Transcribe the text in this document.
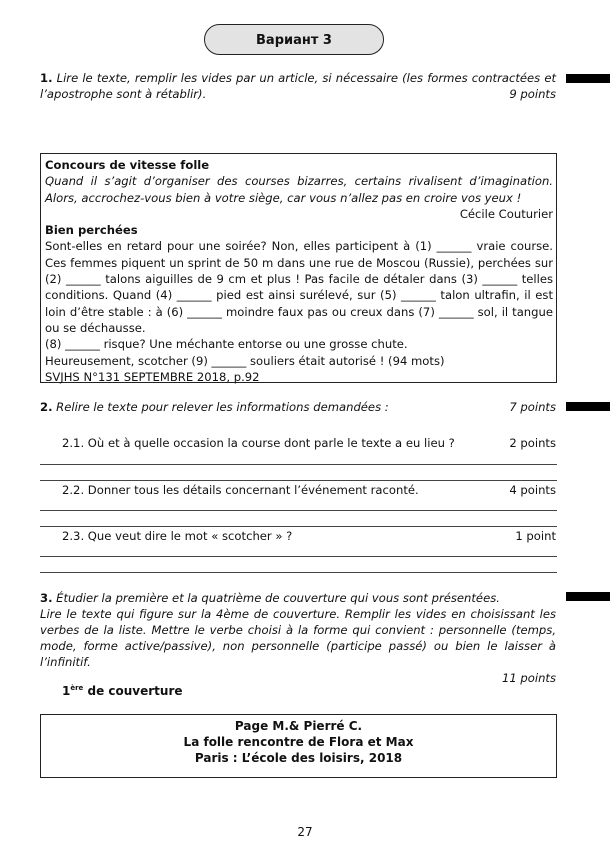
Вариант 3
1. Lire le texte, remplir les vides par un article, si nécessaire (les formes contractées et l’apostrophe sont à rétablir).	9 points
Concours de vitesse folle
Quand il s’agit d’organiser des courses bizarres, certains rivalisent d’imagination. Alors, accrochez-vous bien à votre siège, car vous n’allez pas en croire vos yeux !
Cécile Couturier
Bien perchées
Sont-elles en retard pour une soirée? Non, elles participent à (1) ______ vraie course. Ces femmes piquent un sprint de 50 m dans une rue de Moscou (Russie), perchées sur (2) ______ talons aiguilles de 9 cm et plus ! Pas facile de détaler dans (3) ______ telles conditions. Quand (4) ______ pied est ainsi surélevé, sur (5) ______ talon ultrafin, il est loin d’être stable : à (6) ______ moindre faux pas ou creux dans (7) ______ sol, il tangue ou se déchausse.
(8) ______ risque? Une méchante entorse ou une grosse chute.
Heureusement, scotcher (9) ______ souliers était autorisé ! (94 mots)
SVJHS N°131 SEPTEMBRE 2018, p.92
2. Relire le texte pour relever les informations demandées :	7 points
2.1. Où et à quelle occasion la course dont parle le texte a eu lieu ?	2 points
2.2. Donner tous les détails concernant l’événement raconté.	4 points
2.3. Que veut dire le mot « scotcher » ?	1 point
3. Étudier la première et la quatrième de couverture qui vous sont présentées.
Lire le texte qui figure sur la 4ème de couverture. Remplir les vides en choisissant les verbes de la liste. Mettre le verbe choisi à la forme qui convient : personnelle (temps, mode, forme active/passive), non personnelle (participe passé) ou bien le laisser à l’infinitif.
11 points
1ère de couverture
Page M.& Pierré C.
La folle rencontre de Flora et Max
Paris : L’école des loisirs, 2018
27
